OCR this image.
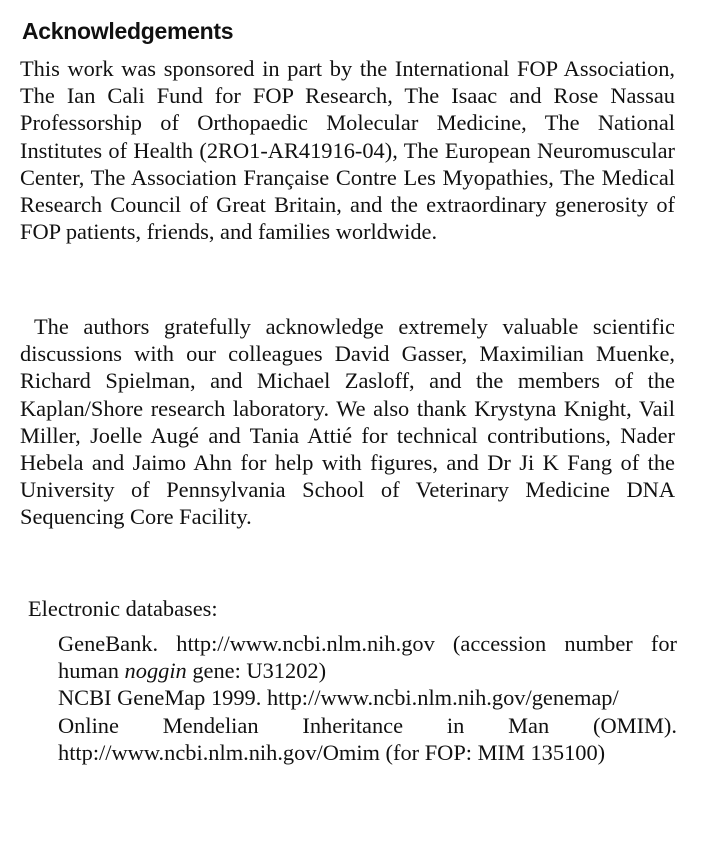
Acknowledgements

This work was sponsored in part by the International FOP Association, The Ian Cali Fund for FOP Research, The Isaac and Rose Nassau Professorship of Orthopaedic Molecular Medicine, The National Institutes of Health (2RO1-AR41916-04), The European Neuromuscular Center, The Association Française Contre Les Myopathies, The Medical Research Council of Great Britain, and the extraordinary generosity of FOP patients, friends, and families worldwide.

The authors gratefully acknowledge extremely valuable scientific discussions with our colleagues David Gasser, Maximilian Muenke, Richard Spielman, and Michael Zasloff, and the members of the Kaplan/Shore research laboratory. We also thank Krystyna Knight, Vail Miller, Joelle Augé and Tania Attié for technical contributions, Nader Hebela and Jaimo Ahn for help with figures, and Dr Ji K Fang of the University of Pennsylvania School of Veterinary Medicine DNA Sequencing Core Facility.

Electronic databases:

GeneBank. http://www.ncbi.nlm.nih.gov (accession number for human noggin gene: U31202)
NCBI GeneMap 1999. http://www.ncbi.nlm.nih.gov/genemap/
Online Mendelian Inheritance in Man (OMIM). http://www.ncbi.nlm.nih.gov/Omim (for FOP: MIM 135100)
